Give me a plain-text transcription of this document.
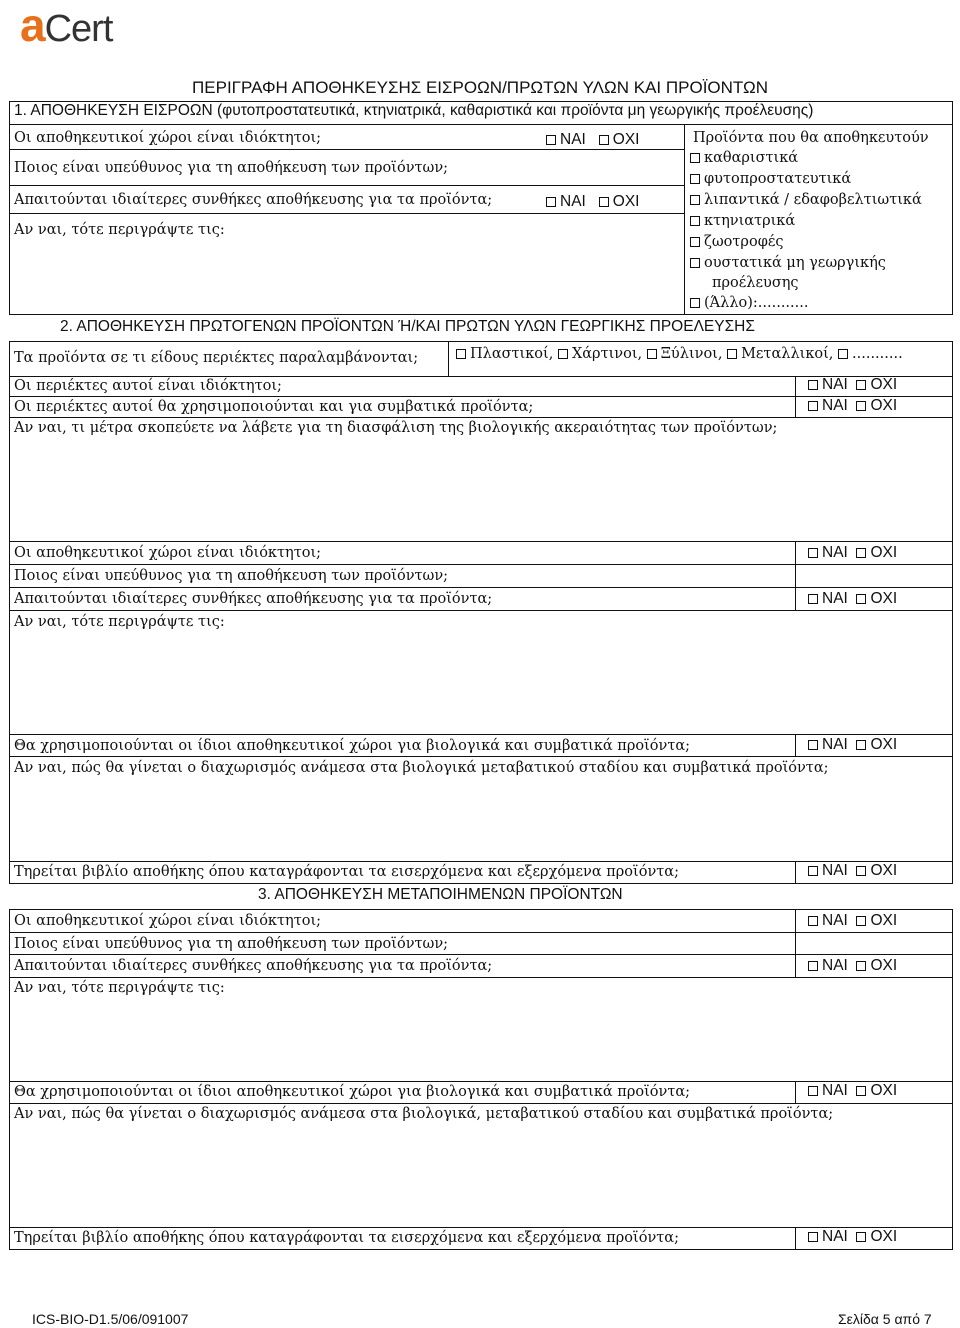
aCert
ΠΕΡΙΓΡΑΦΗ ΑΠΟΘΗΚΕΥΣΗΣ ΕΙΣΡΟΩΝ/ΠΡΩΤΩΝ ΥΛΩΝ ΚΑΙ ΠΡΟΪΟΝΤΩΝ
1. ΑΠΟΘΗΚΕΥΣΗ ΕΙΣΡΟΩΝ (φυτοπροστατευτικά, κτηνιατρικά, καθαριστικά και προϊόντα μη γεωργικής προέλευσης)
Οι αποθηκευτικοί χώροι είναι ιδιόκτητοι;	ΝΑΙ ΟΧΙ
Ποιος είναι υπεύθυνος για τη αποθήκευση των προϊόντων;
Απαιτούνται ιδιαίτερες συνθήκες αποθήκευσης για τα προϊόντα;	ΝΑΙ ΟΧΙ
Αν ναι, τότε περιγράψτε τις:
Προϊόντα που θα αποθηκευτούν
καθαριστικά
φυτοπροστατευτικά
λιπαντικά / εδαφοβελτιωτικά
κτηνιατρικά
ζωοτροφές
ουστατικά μη γεωργικής
προέλευσης
(Άλλο):...........
2. ΑΠΟΘΗΚΕΥΣΗ ΠΡΩΤΟΓΕΝΩΝ ΠΡΟΪΟΝΤΩΝ Ή/ΚΑΙ ΠΡΩΤΩΝ ΥΛΩΝ ΓΕΩΡΓΙΚΗΣ ΠΡΟΕΛΕΥΣΗΣ
Τα προϊόντα σε τι είδους περιέκτες παραλαμβάνονται;	Πλαστικοί, Χάρτινοι, Ξύλινοι, Μεταλλικοί, ...........
Οι περιέκτες αυτοί είναι ιδιόκτητοι;	ΝΑΙ ΟΧΙ
Οι περιέκτες αυτοί θα χρησιμοποιούνται και για συμβατικά προϊόντα;	ΝΑΙ ΟΧΙ
Αν ναι, τι μέτρα σκοπεύετε να λάβετε για τη διασφάλιση της βιολογικής ακεραιότητας των προϊόντων;
Οι αποθηκευτικοί χώροι είναι ιδιόκτητοι;	ΝΑΙ ΟΧΙ
Ποιος είναι υπεύθυνος για τη αποθήκευση των προϊόντων;
Απαιτούνται ιδιαίτερες συνθήκες αποθήκευσης για τα προϊόντα;	ΝΑΙ ΟΧΙ
Αν ναι, τότε περιγράψτε τις:
Θα χρησιμοποιούνται οι ίδιοι αποθηκευτικοί χώροι για βιολογικά και συμβατικά προϊόντα;	ΝΑΙ ΟΧΙ
Αν ναι, πώς θα γίνεται ο διαχωρισμός ανάμεσα στα βιολογικά μεταβατικού σταδίου και συμβατικά προϊόντα;
Τηρείται βιβλίο αποθήκης όπου καταγράφονται τα εισερχόμενα και εξερχόμενα προϊόντα;	ΝΑΙ ΟΧΙ
3. ΑΠΟΘΗΚΕΥΣΗ ΜΕΤΑΠΟΙΗΜΕΝΩΝ ΠΡΟΪΟΝΤΩΝ
Οι αποθηκευτικοί χώροι είναι ιδιόκτητοι;	ΝΑΙ ΟΧΙ
Ποιος είναι υπεύθυνος για τη αποθήκευση των προϊόντων;
Απαιτούνται ιδιαίτερες συνθήκες αποθήκευσης για τα προϊόντα;	ΝΑΙ ΟΧΙ
Αν ναι, τότε περιγράψτε τις:
Θα χρησιμοποιούνται οι ίδιοι αποθηκευτικοί χώροι για βιολογικά και συμβατικά προϊόντα;	ΝΑΙ ΟΧΙ
Αν ναι, πώς θα γίνεται ο διαχωρισμός ανάμεσα στα βιολογικά, μεταβατικού σταδίου και συμβατικά προϊόντα;
Τηρείται βιβλίο αποθήκης όπου καταγράφονται τα εισερχόμενα και εξερχόμενα προϊόντα;	ΝΑΙ ΟΧΙ
ICS-BIO-D1.5/06/091007	Σελίδα 5 από 7
